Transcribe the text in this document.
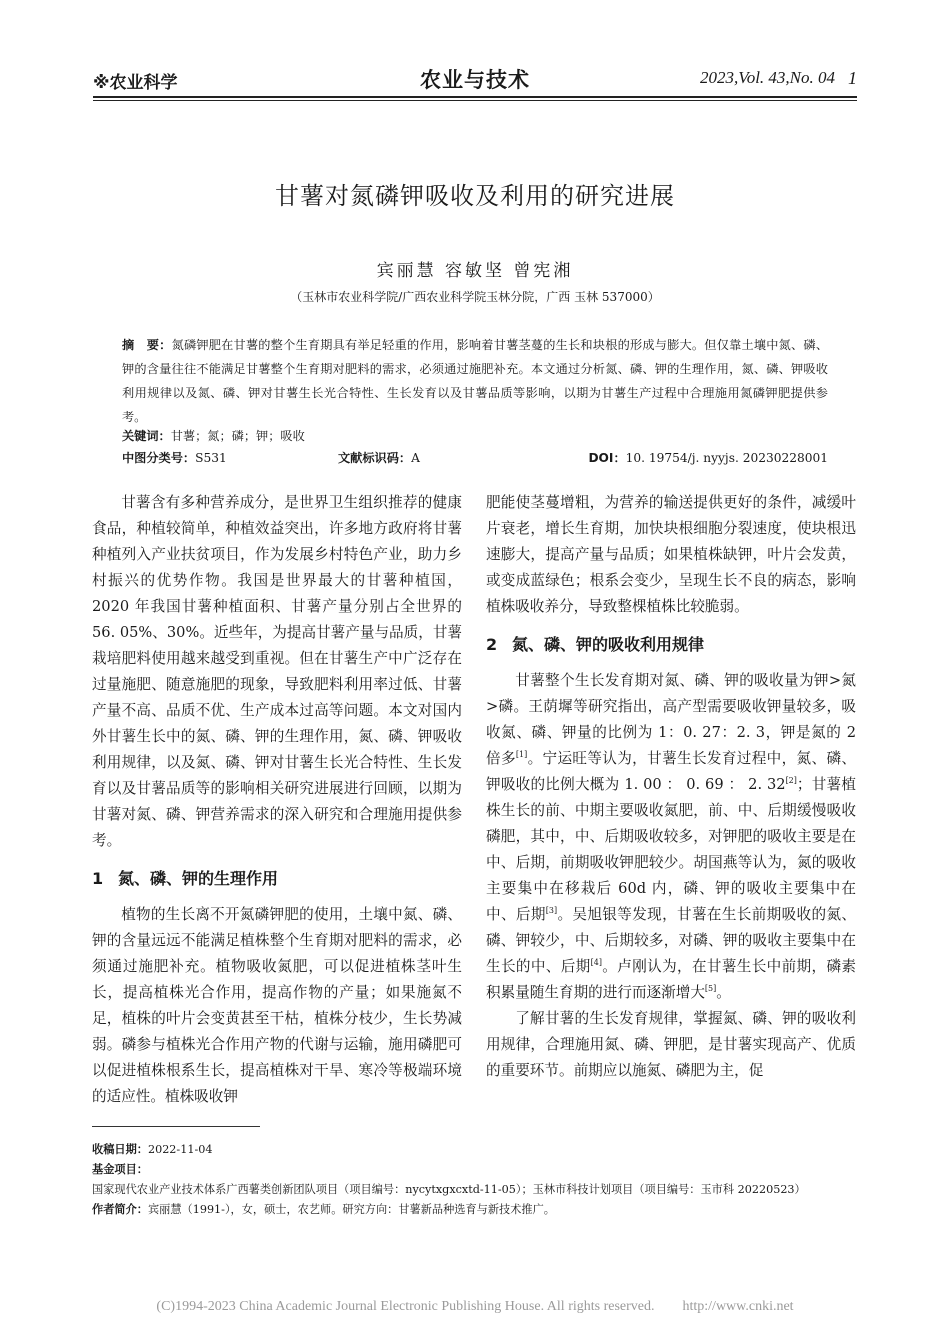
※农业科学	农业与技术	2023,Vol. 43,No. 04 1
甘薯对氮磷钾吸收及利用的研究进展
宾丽慧 容敏坚 曾宪湘
（玉林市农业科学院/广西农业科学院玉林分院，广西 玉林 537000）
摘　要：氮磷钾肥在甘薯的整个生育期具有举足轻重的作用，影响着甘薯茎蔓的生长和块根的形成与膨大。但仅靠土壤中氮、磷、钾的含量往往不能满足甘薯整个生育期对肥料的需求，必须通过施肥补充。本文通过分析氮、磷、钾的生理作用，氮、磷、钾吸收利用规律以及氮、磷、钾对甘薯生长光合特性、生长发育以及甘薯品质等影响，以期为甘薯生产过程中合理施用氮磷钾肥提供参考。
关键词：甘薯；氮；磷；钾；吸收
中图分类号：S531	文献标识码：A	DOI：10. 19754/j. nyyjs. 20230228001

甘薯含有多种营养成分，是世界卫生组织推荐的健康食品，种植较简单，种植效益突出，许多地方政府将甘薯种植列入产业扶贫项目，作为发展乡村特色产业，助力乡村振兴的优势作物。我国是世界最大的甘薯种植国，2020 年我国甘薯种植面积、甘薯产量分别占全世界的 56. 05%、30%。近些年，为提高甘薯产量与品质，甘薯栽培肥料使用越来越受到重视。但在甘薯生产中广泛存在过量施肥、随意施肥的现象，导致肥料利用率过低、甘薯产量不高、品质不优、生产成本过高等问题。本文对国内外甘薯生长中的氮、磷、钾的生理作用，氮、磷、钾吸收利用规律，以及氮、磷、钾对甘薯生长光合特性、生长发育以及甘薯品质等的影响相关研究进展进行回顾，以期为甘薯对氮、磷、钾营养需求的深入研究和合理施用提供参考。

1 氮、磷、钾的生理作用

植物的生长离不开氮磷钾肥的使用，土壤中氮、磷、钾的含量远远不能满足植株整个生育期对肥料的需求，必须通过施肥补充。植物吸收氮肥，可以促进植株茎叶生长，提高植株光合作用，提高作物的产量；如果施氮不足，植株的叶片会变黄甚至干枯，植株分枝少，生长势减弱。磷参与植株光合作用产物的代谢与运输，施用磷肥可以促进植株根系生长，提高植株对干旱、寒冷等极端环境的适应性。植株吸收钾

肥能使茎蔓增粗，为营养的输送提供更好的条件，减缓叶片衰老，增长生育期，加快块根细胞分裂速度，使块根迅速膨大，提高产量与品质；如果植株缺钾，叶片会发黄，或变成蓝绿色；根系会变少，呈现生长不良的病态，影响植株吸收养分，导致整棵植株比较脆弱。

2 氮、磷、钾的吸收利用规律

甘薯整个生长发育期对氮、磷、钾的吸收量为钾>氮>磷。王荫墀等研究指出，高产型需要吸收钾量较多，吸收氮、磷、钾量的比例为 1：0. 27：2. 3，钾是氮的 2 倍多[1]。宁运旺等认为，甘薯生长发育过程中，氮、磷、钾吸收的比例大概为 1. 00 ： 0. 69 ： 2. 32[2]；甘薯植株生长的前、中期主要吸收氮肥，前、中、后期缓慢吸收磷肥，其中，中、后期吸收较多，对钾肥的吸收主要是在中、后期，前期吸收钾肥较少。胡国燕等认为，氮的吸收主要集中在移栽后 60d 内，磷、钾的吸收主要集中在中、后期[3]。吴旭银等发现，甘薯在生长前期吸收的氮、磷、钾较少，中、后期较多，对磷、钾的吸收主要集中在生长的中、后期[4]。卢刚认为，在甘薯生长中前期，磷素积累量随生育期的进行而逐渐增大[5]。

了解甘薯的生长发育规律，掌握氮、磷、钾的吸收利用规律，合理施用氮、磷、钾肥，是甘薯实现高产、优质的重要环节。前期应以施氮、磷肥为主，促

收稿日期：2022-11-04
基金项目：国家现代农业产业技术体系广西薯类创新团队项目（项目编号：nycytxgxcxtd-11-05）；玉林市科技计划项目（项目编号：玉市科 20220523）
作者简介：宾丽慧（1991-），女，硕士，农艺师。研究方向：甘薯新品种选育与新技术推广。
(C)1994-2023 China Academic Journal Electronic Publishing House. All rights reserved.　　http://www.cnki.net
